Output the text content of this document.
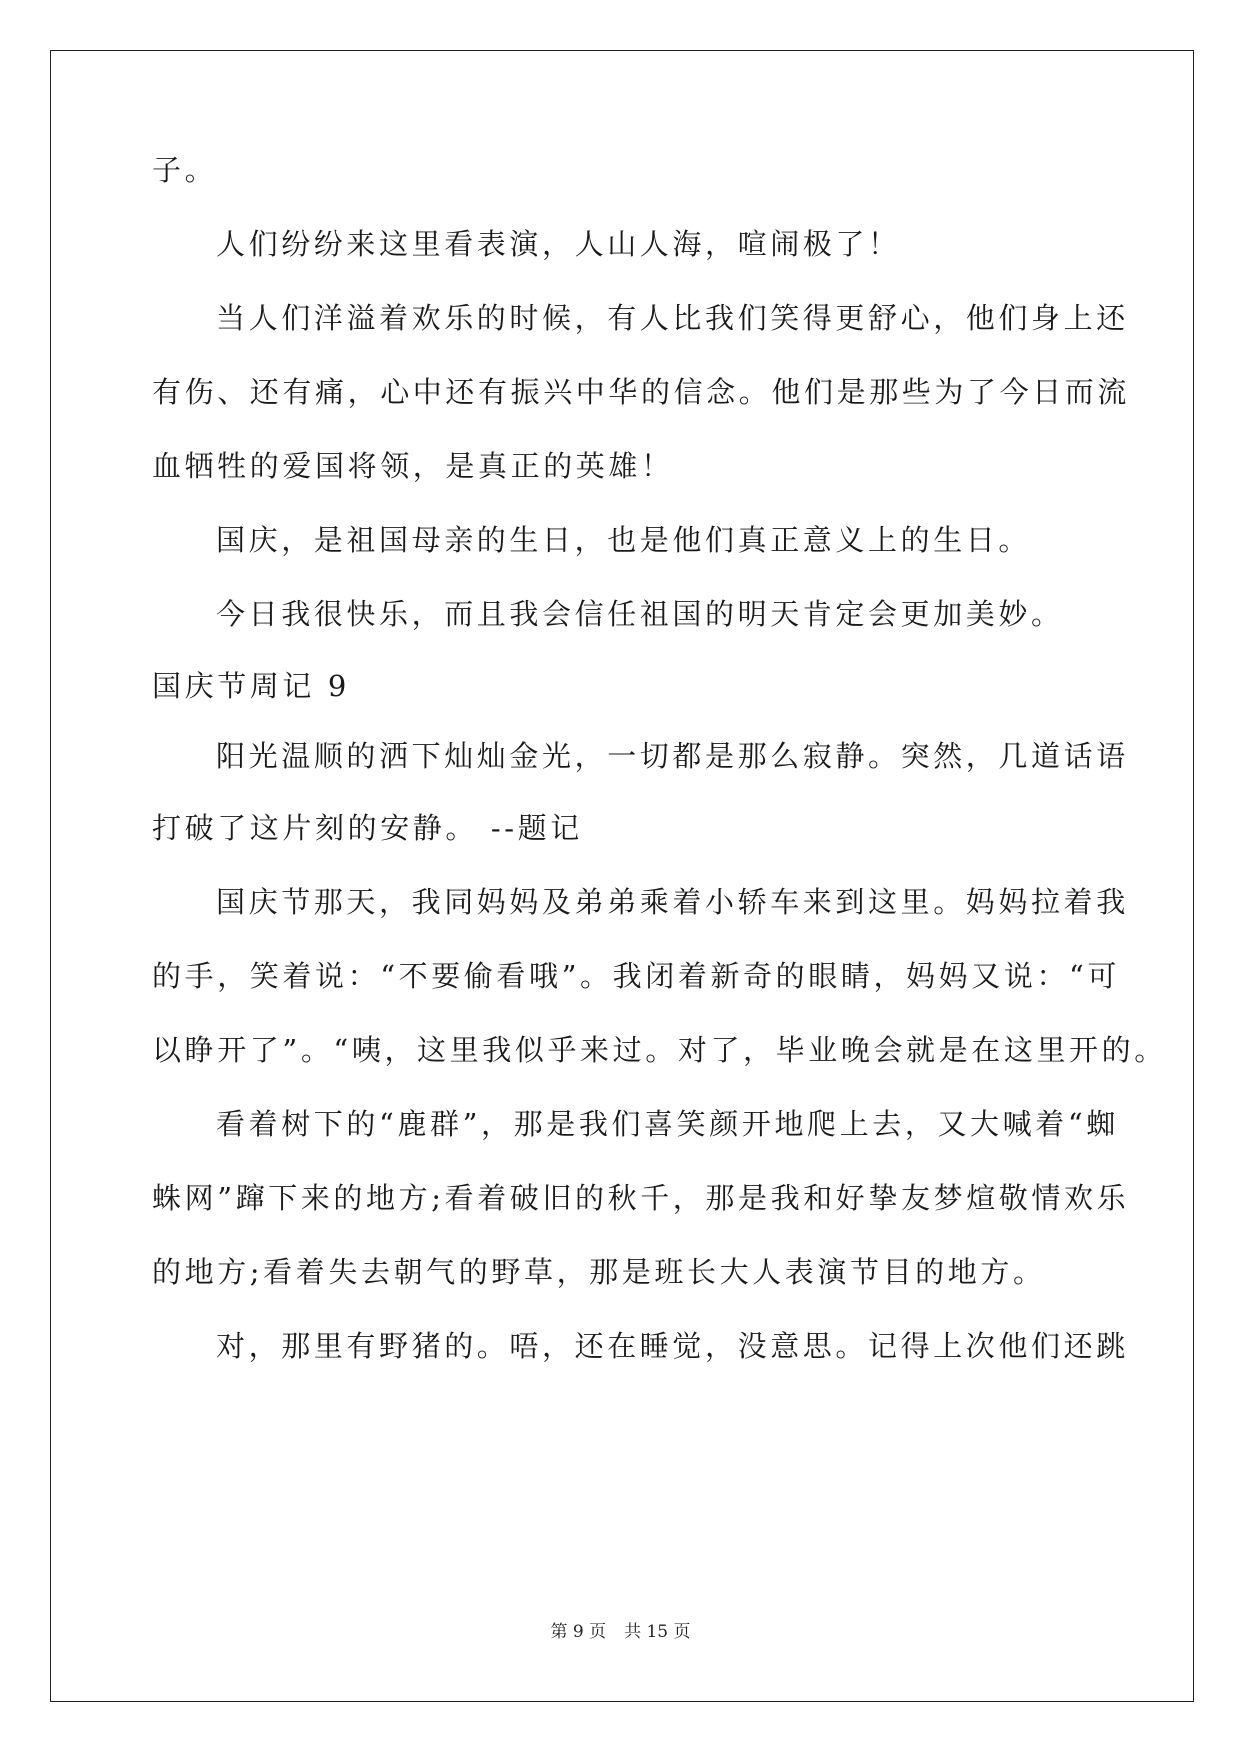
子。
人们纷纷来这里看表演，人山人海，喧闹极了！
当人们洋溢着欢乐的时候，有人比我们笑得更舒心，他们身上还
有伤、还有痛，心中还有振兴中华的信念。他们是那些为了今日而流
血牺牲的爱国将领，是真正的英雄！
国庆，是祖国母亲的生日，也是他们真正意义上的生日。
今日我很快乐，而且我会信任祖国的明天肯定会更加美妙。
国庆节周记 9
阳光温顺的洒下灿灿金光，一切都是那么寂静。突然，几道话语
打破了这片刻的安静。 --题记
国庆节那天，我同妈妈及弟弟乘着小轿车来到这里。妈妈拉着我
的手，笑着说：“不要偷看哦”。我闭着新奇的眼睛，妈妈又说：“可
以睁开了”。“咦，这里我似乎来过。对了，毕业晚会就是在这里开的。
看着树下的“鹿群”，那是我们喜笑颜开地爬上去，又大喊着“蜘
蛛网”蹿下来的地方;看着破旧的秋千，那是我和好挚友梦煊敬情欢乐
的地方;看着失去朝气的野草，那是班长大人表演节目的地方。
对，那里有野猪的。唔，还在睡觉，没意思。记得上次他们还跳
第 9 页 共 15 页
